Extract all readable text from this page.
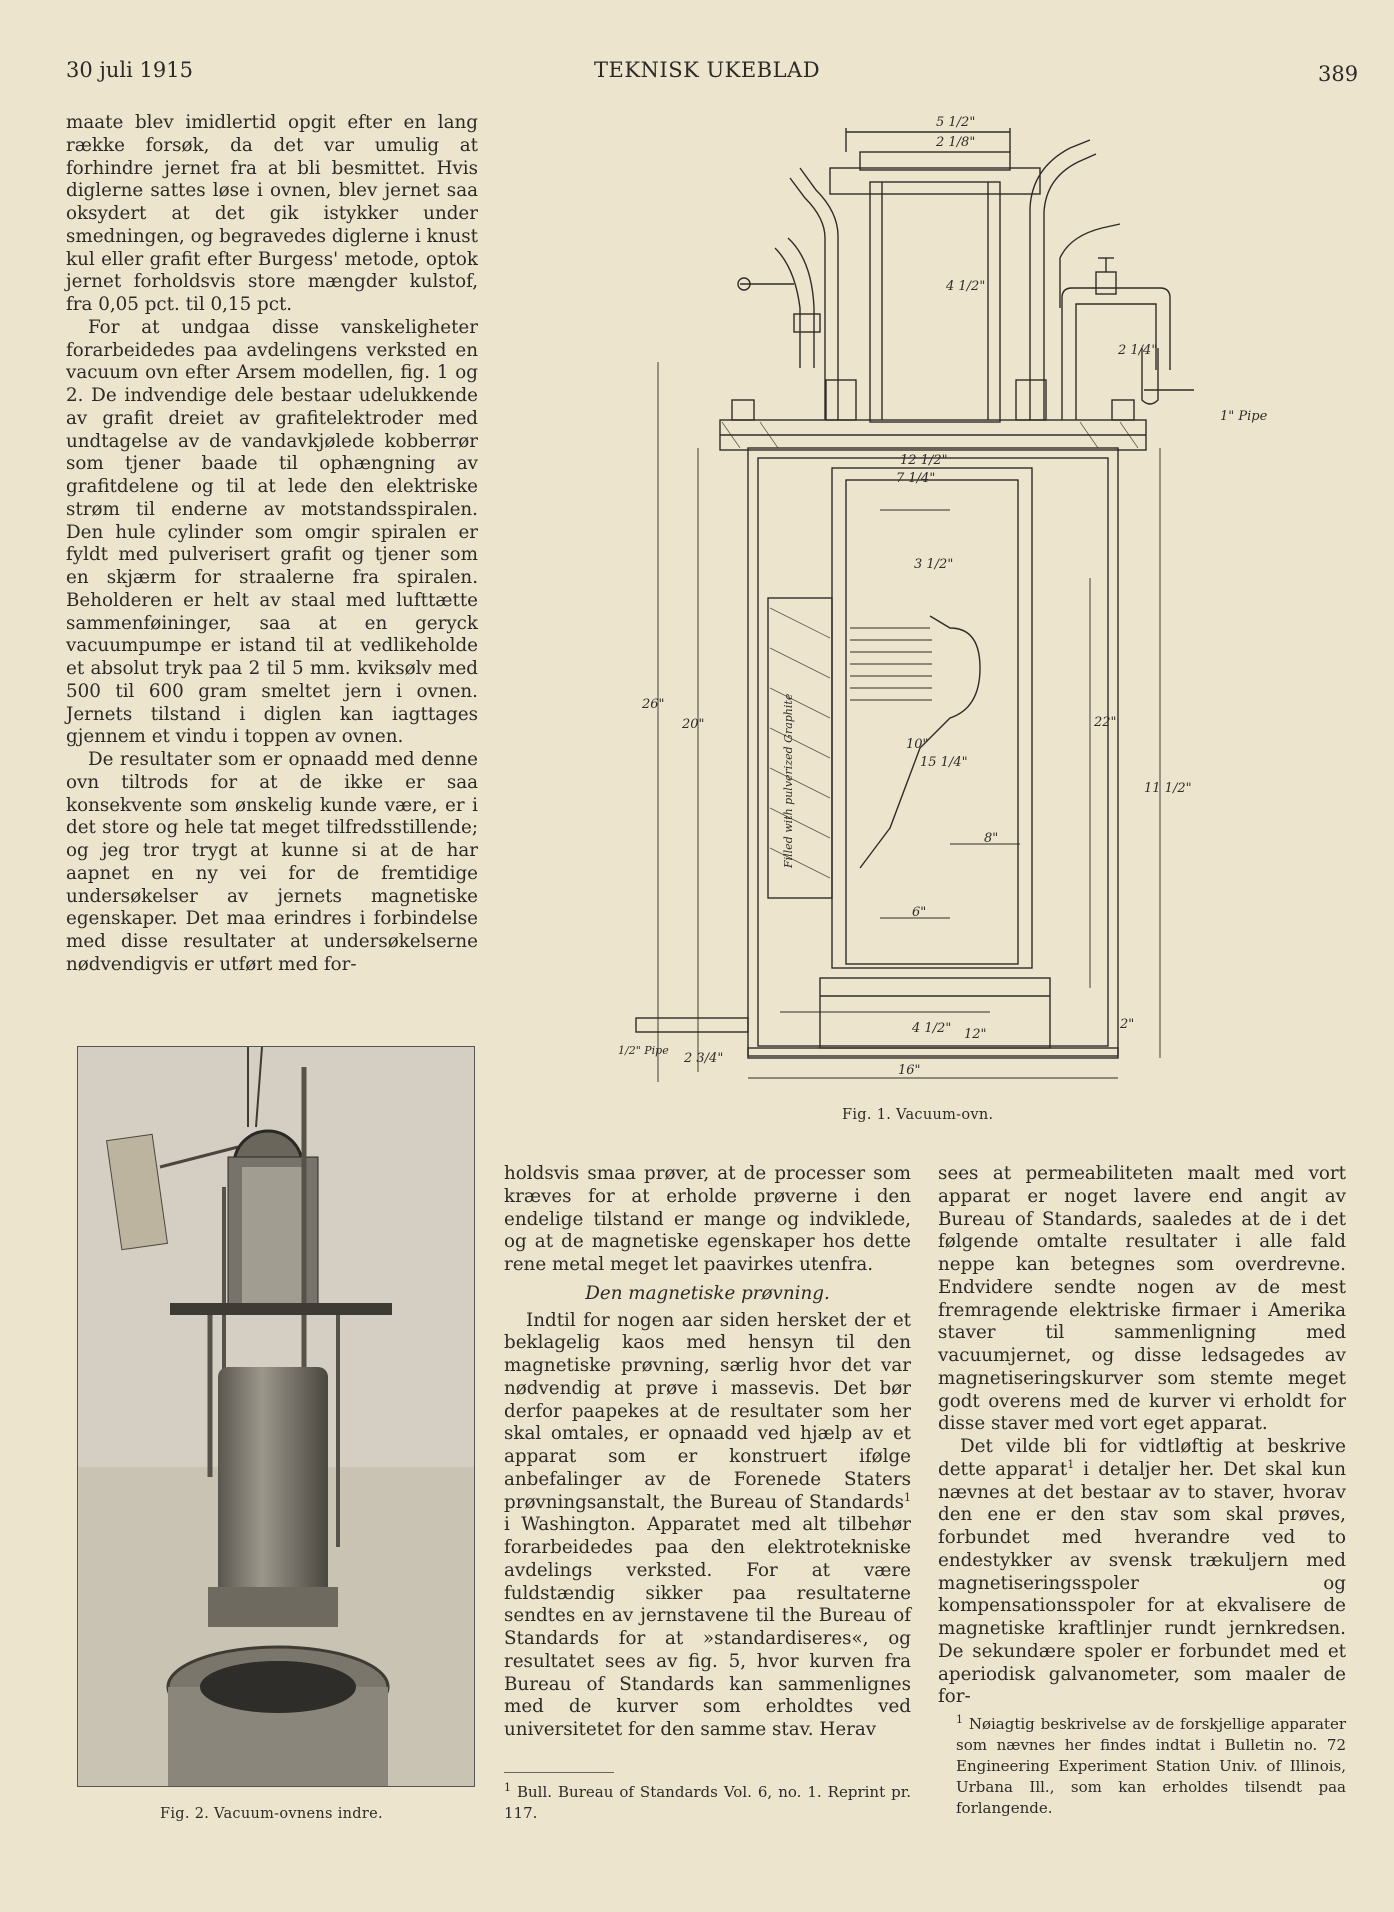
30 juli 1915	TEKNISK UKEBLAD	389

maate blev imidlertid opgit efter en lang række forsøk, da det var umulig at forhindre jernet fra at bli besmittet. Hvis diglerne sattes løse i ovnen, blev jernet saa oksydert at det gik istykker under smedningen, og begravedes diglerne i knust kul eller grafit efter Burgess' metode, optok jernet forholdsvis store mængder kulstof, fra 0,05 pct. til 0,15 pct.

For at undgaa disse vanskeligheter forarbeidedes paa avdelingens verksted en vacuum ovn efter Arsem modellen, fig. 1 og 2. De indvendige dele bestaar udelukkende av grafit dreiet av grafitelektroder med undtagelse av de vandavkjølede kobberrør som tjener baade til ophængning av grafitdelene og til at lede den elektriske strøm til enderne av motstandsspiralen. Den hule cylinder som omgir spiralen er fyldt med pulverisert grafit og tjener som en skjærm for straalerne fra spiralen. Beholderen er helt av staal med lufttætte sammenføininger, saa at en geryck vacuumpumpe er istand til at vedlikeholde et absolut tryk paa 2 til 5 mm. kviksølv med 500 til 600 gram smeltet jern i ovnen. Jernets tilstand i diglen kan iagttages gjennem et vindu i toppen av ovnen.

De resultater som er opnaadd med denne ovn tiltrods for at de ikke er saa konsekvente som ønskelig kunde være, er i det store og hele tat meget tilfredsstillende; og jeg tror trygt at kunne si at de har aapnet en ny vei for de fremtidige undersøkelser av jernets magnetiske egenskaper. Det maa erindres i forbindelse med disse resultater at undersøkelserne nødvendigvis er utført med for-

5 1/2"
2 1/8"
4 1/2"
2 1/4"
12 1/2"
7 1/4"
26"
20"	22"
11 1/2"
15 1/4"
10"
3 1/2"
8"
6"
4 1/2" 12"
16"
2 3/4"
2"
1" Pipe
1/2" Pipe
Filled with pulverized Graphite
Fig. 1. Vacuum-ovn.
Fig. 2. Vacuum-ovnens indre.

holdsvis smaa prøver, at de processer som kræves for at erholde prøverne i den endelige tilstand er mange og indviklede, og at de magnetiske egenskaper hos dette rene metal meget let paavirkes utenfra.

Den magnetiske prøvning.

Indtil for nogen aar siden hersket der et beklagelig kaos med hensyn til den magnetiske prøvning, særlig hvor det var nødvendig at prøve i massevis. Det bør derfor paapekes at de resultater som her skal omtales, er opnaadd ved hjælp av et apparat som er konstruert ifølge anbefalinger av de Forenede Staters prøvningsanstalt, the Bureau of Standards$^1$ i Washington. Apparatet med alt tilbehør forarbeidedes paa den elektrotekniske avdelings verksted. For at være fuldstændig sikker paa resultaterne sendtes en av jernstavene til the Bureau of Standards for at »standardiseres«, og resultatet sees av fig. 5, hvor kurven fra Bureau of Standards kan sammenlignes med de kurver som erholdtes ved universitetet for den samme stav. Herav

$^1$ Bull. Bureau of Standards Vol. 6, no. 1. Reprint pr. 117.

sees at permeabiliteten maalt med vort apparat er noget lavere end angit av Bureau of Standards, saaledes at de i det følgende omtalte resultater i alle fald neppe kan betegnes som overdrevne. Endvidere sendte nogen av de mest fremragende elektriske firmaer i Amerika staver til sammenligning med vacuumjernet, og disse ledsagedes av magnetiseringskurver som stemte meget godt overens med de kurver vi erholdt for disse staver med vort eget apparat.

Det vilde bli for vidtløftig at beskrive dette apparat$^1$ i detaljer her. Det skal kun nævnes at det bestaar av to staver, hvorav den ene er den stav som skal prøves, forbundet med hverandre ved to endestykker av svensk trækuljern med magnetiseringsspoler og kompensationsspoler for at ekvalisere de magnetiske kraftlinjer rundt jernkredsen. De sekundære spoler er forbundet med et aperiodisk galvanometer, som maaler de for-

$^1$ Nøiagtig beskrivelse av de forskjellige apparater som nævnes her findes indtat i Bulletin no. 72 Engineering Experiment Station Univ. of Illinois, Urbana Ill., som kan erholdes tilsendt paa forlangende.
